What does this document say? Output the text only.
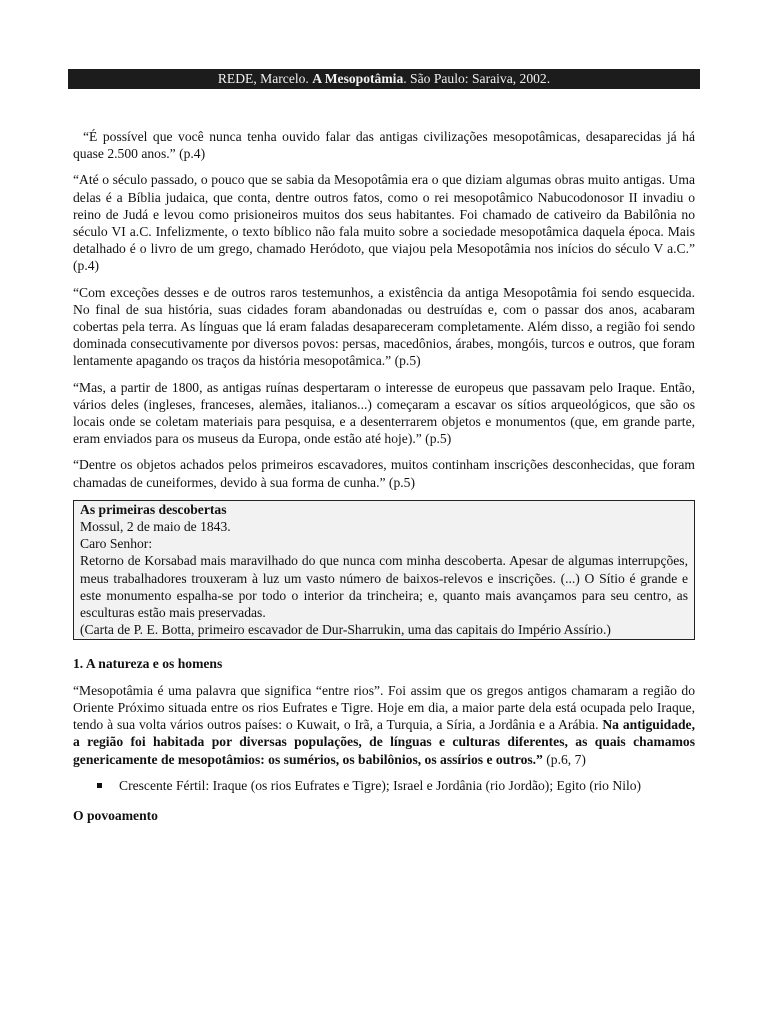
REDE, Marcelo. A Mesopotâmia. São Paulo: Saraiva, 2002.

“É possível que você nunca tenha ouvido falar das antigas civilizações mesopotâmicas, desaparecidas já há quase 2.500 anos.” (p.4)

“Até o século passado, o pouco que se sabia da Mesopotâmia era o que diziam algumas obras muito antigas. Uma delas é a Bíblia judaica, que conta, dentre outros fatos, como o rei mesopotâmico Nabucodonosor II invadiu o reino de Judá e levou como prisioneiros muitos dos seus habitantes. Foi chamado de cativeiro da Babilônia no século VI a.C. Infelizmente, o texto bíblico não fala muito sobre a sociedade mesopotâmica daquela época. Mais detalhado é o livro de um grego, chamado Heródoto, que viajou pela Mesopotâmia nos inícios do século V a.C.” (p.4)

“Com exceções desses e de outros raros testemunhos, a existência da antiga Mesopotâmia foi sendo esquecida. No final de sua história, suas cidades foram abandonadas ou destruídas e, com o passar dos anos, acabaram cobertas pela terra. As línguas que lá eram faladas desapareceram completamente. Além disso, a região foi sendo dominada consecutivamente por diversos povos: persas, macedônios, árabes, mongóis, turcos e outros, que foram lentamente apagando os traços da história mesopotâmica.” (p.5)

“Mas, a partir de 1800, as antigas ruínas despertaram o interesse de europeus que passavam pelo Iraque. Então, vários deles (ingleses, franceses, alemães, italianos...) começaram a escavar os sítios arqueológicos, que são os locais onde se coletam materiais para pesquisa, e a desenterrarem objetos e monumentos (que, em grande parte, eram enviados para os museus da Europa, onde estão até hoje).” (p.5)

“Dentre os objetos achados pelos primeiros escavadores, muitos continham inscrições desconhecidas, que foram chamadas de cuneiformes, devido à sua forma de cunha.” (p.5)

As primeiras descobertas
Mossul, 2 de maio de 1843.
Caro Senhor:
Retorno de Korsabad mais maravilhado do que nunca com minha descoberta. Apesar de algumas interrupções, meus trabalhadores trouxeram à luz um vasto número de baixos-relevos e inscrições. (...) O Sítio é grande e este monumento espalha-se por todo o interior da trincheira; e, quanto mais avançamos para seu centro, as esculturas estão mais preservadas.
(Carta de P. E. Botta, primeiro escavador de Dur-Sharrukin, uma das capitais do Império Assírio.)
1. A natureza e os homens

“Mesopotâmia é uma palavra que significa “entre rios”. Foi assim que os gregos antigos chamaram a região do Oriente Próximo situada entre os rios Eufrates e Tigre. Hoje em dia, a maior parte dela está ocupada pelo Iraque, tendo à sua volta vários outros países: o Kuwait, o Irã, a Turquia, a Síria, a Jordânia e a Arábia. Na antiguidade, a região foi habitada por diversas populações, de línguas e culturas diferentes, as quais chamamos genericamente de mesopotâmios: os sumérios, os babilônios, os assírios e outros.” (p.6, 7)

Crescente Fértil: Iraque (os rios Eufrates e Tigre); Israel e Jordânia (rio Jordão); Egito (rio Nilo)
O povoamento
